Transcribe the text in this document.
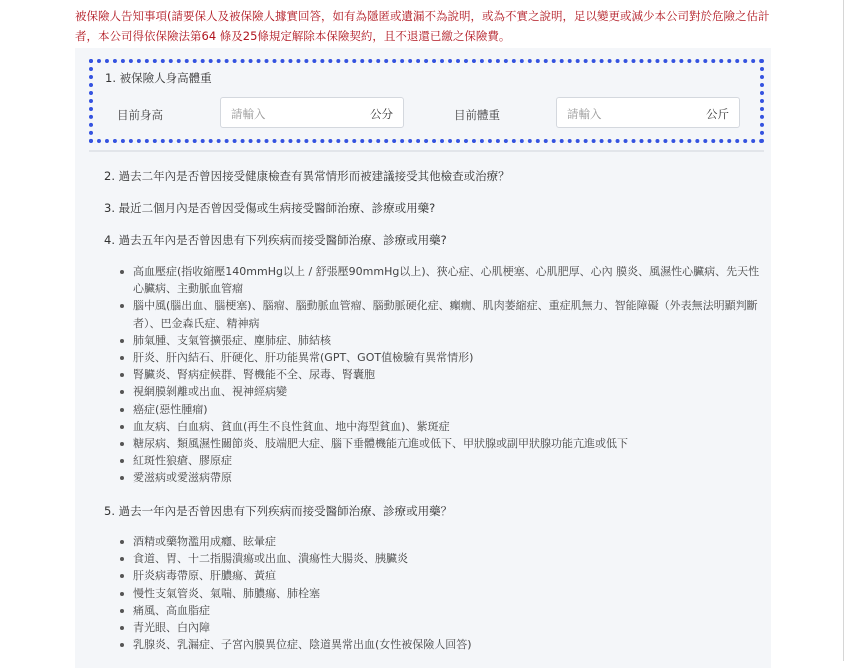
被保險人告知事項(請要保人及被保險人據實回答，如有為隱匿或遺漏不為說明，或為不實之說明，足以變更或減少本公司對於危險之估計者，本公司得依保險法第64 條及25條規定解除本保險契約，且不退還已繳之保險費。
1. 被保險人身高體重
目前身高	請輸入	公分	目前體重	請輸入	公斤
2. 過去二年內是否曾因接受健康檢查有異常情形而被建議接受其他檢查或治療？
3. 最近二個月內是否曾因受傷或生病接受醫師治療、診療或用藥?
4. 過去五年內是否曾因患有下列疾病而接受醫師治療、診療或用藥?
高血壓症(指收縮壓140mmHg以上 / 舒張壓90mmHg以上)、狹心症、心肌梗塞、心肌肥厚、心內 膜炎、風濕性心臟病、先天性心臟病、主動脈血管瘤
腦中風(腦出血、腦梗塞)、腦瘤、腦動脈血管瘤、腦動脈硬化症、癲癇、肌肉萎縮症、重症肌無力、智能障礙（外表無法明顯判斷者）、巴金森氏症、精神病
肺氣腫、支氣管擴張症、塵肺症、肺結核
肝炎、肝內結石、肝硬化、肝功能異常(GPT、GOT值檢驗有異常情形)
腎臟炎、腎病症候群、腎機能不全、尿毒、腎囊胞
視網膜剝離或出血、視神經病變
癌症(惡性腫瘤)
血友病、白血病、貧血(再生不良性貧血、地中海型貧血)、紫斑症
糖尿病、類風濕性關節炎、肢端肥大症、腦下垂體機能亢進或低下、甲狀腺或副甲狀腺功能亢進或低下
紅斑性狼瘡、膠原症
愛滋病或愛滋病帶原
5. 過去一年內是否曾因患有下列疾病而接受醫師治療、診療或用藥？
酒精或藥物濫用成癮、眩暈症
食道、胃、十二指腸潰瘍或出血、潰瘍性大腸炎、胰臟炎
肝炎病毒帶原、肝膿瘍、黃疸
慢性支氣管炎、氣喘、肺膿瘍、肺栓塞
痛風、高血脂症
青光眼、白內障
乳腺炎、乳漏症、子宮內膜異位症、陰道異常出血(女性被保險人回答)
